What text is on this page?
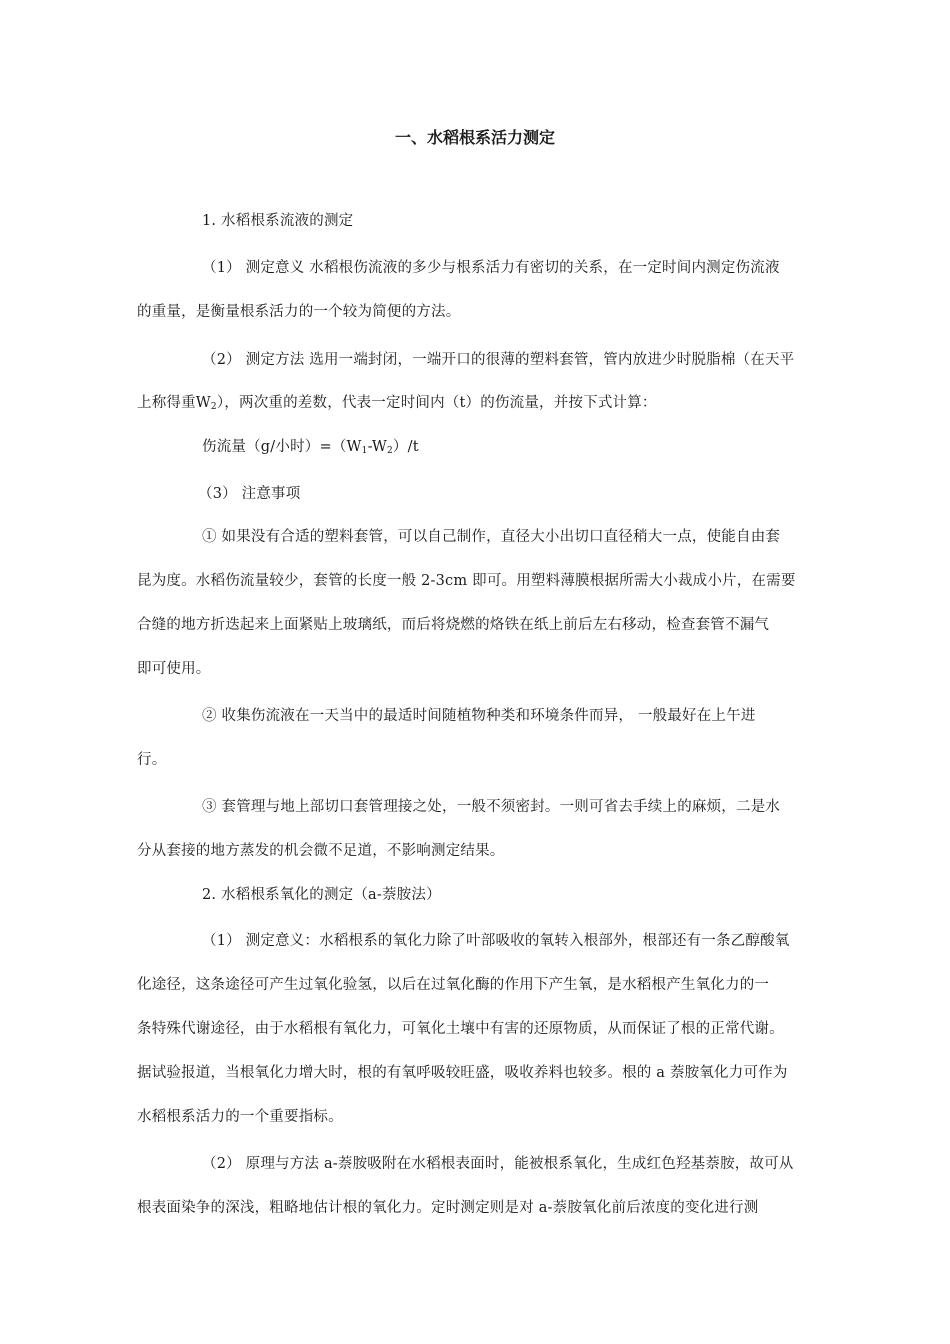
一、水稻根系活力测定
1. 水稻根系流液的测定
（1） 测定意义 水稻根伤流液的多少与根系活力有密切的关系，在一定时间内测定伤流液
的重量，是衡量根系活力的一个较为简便的方法。
（2） 测定方法 选用一端封闭，一端开口的很薄的塑料套管，管内放进少时脱脂棉（在天平
上称得重$W_2$），两次重的差数，代表一定时间内（t）的伤流量，并按下式计算：
伤流量（g/小时）$=(W_1-W_2)/t$
（3） 注意事项
① 如果没有合适的塑料套管，可以自己制作，直径大小出切口直径稍大一点，使能自由套
昆为度。水稻伤流量较少，套管的长度一般 2-3cm 即可。用塑料薄膜根据所需大小裁成小片，在需要
合缝的地方折迭起来上面紧贴上玻璃纸，而后将烧燃的烙铁在纸上前后左右移动，检查套管不漏气
即可使用。
② 收集伤流液在一天当中的最适时间随植物种类和环境条件而异， 一般最好在上午进
行。
③ 套管理与地上部切口套管理接之处，一般不须密封。一则可省去手续上的麻烦，二是水
分从套接的地方蒸发的机会微不足道，不影响测定结果。
2. 水稻根系氧化的测定（a-萘胺法）
（1） 测定意义：水稻根系的氧化力除了叶部吸收的氧转入根部外，根部还有一条乙醇酸氧
化途径，这条途径可产生过氧化验氢，以后在过氧化酶的作用下产生氧，是水稻根产生氧化力的一
条特殊代谢途径，由于水稻根有氧化力，可氧化土壤中有害的还原物质，从而保证了根的正常代谢。
据试验报道，当根氧化力增大时，根的有氧呼吸较旺盛，吸收养料也较多。根的 a 萘胺氧化力可作为
水稻根系活力的一个重要指标。
（2） 原理与方法 a-萘胺吸附在水稻根表面时，能被根系氧化，生成红色羟基萘胺，故可从
根表面染争的深浅，粗略地估计根的氧化力。定时测定则是对 a-萘胺氧化前后浓度的变化进行测
